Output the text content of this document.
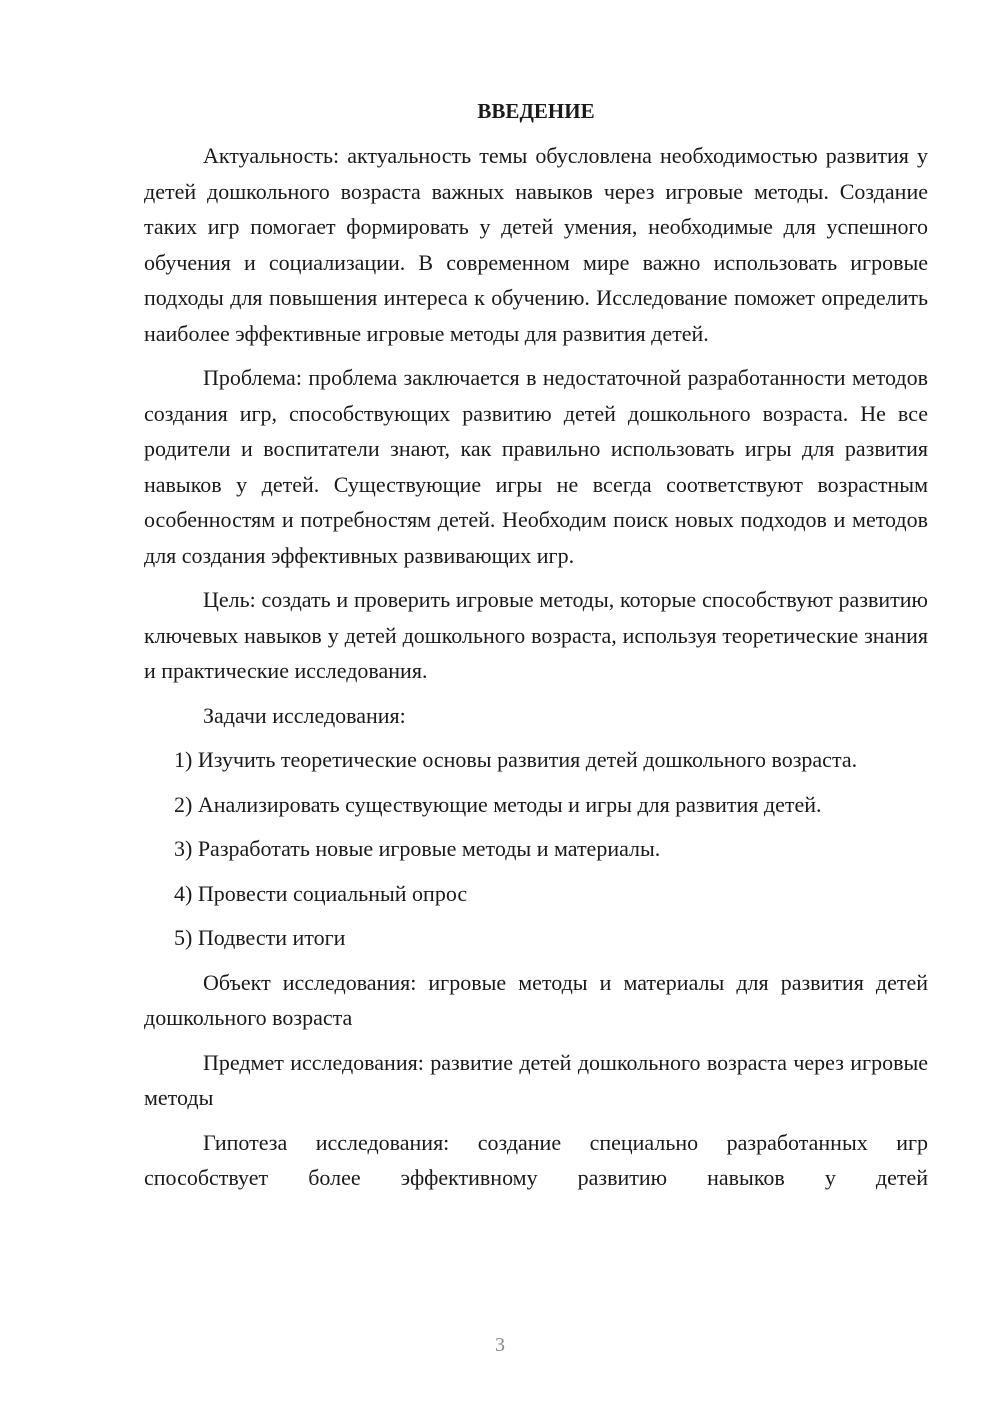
ВВЕДЕНИЕ

Актуальность: актуальность темы обусловлена необходимостью развития у детей дошкольного возраста важных навыков через игровые методы. Создание таких игр помогает формировать у детей умения, необходимые для успешного обучения и социализации. В современном мире важно использовать игровые подходы для повышения интереса к обучению. Исследование поможет определить наиболее эффективные игровые методы для развития детей.

Проблема: проблема заключается в недостаточной разработанности методов создания игр, способствующих развитию детей дошкольного возраста. Не все родители и воспитатели знают, как правильно использовать игры для развития навыков у детей. Существующие игры не всегда соответствуют возрастным особенностям и потребностям детей. Необходим поиск новых подходов и методов для создания эффективных развивающих игр.

Цель: создать и проверить игровые методы, которые способствуют развитию ключевых навыков у детей дошкольного возраста, используя теоретические знания и практические исследования.

Задачи исследования:

1) Изучить теоретические основы развития детей дошкольного возраста.

2) Анализировать существующие методы и игры для развития детей.

3) Разработать новые игровые методы и материалы.

4) Провести социальный опрос

5) Подвести итоги

Объект исследования: игровые методы и материалы для развития детей дошкольного возраста

Предмет исследования: развитие детей дошкольного возраста через игровые методы

Гипотеза исследования: создание специально разработанных игр способствует более эффективному развитию навыков у детей

3
